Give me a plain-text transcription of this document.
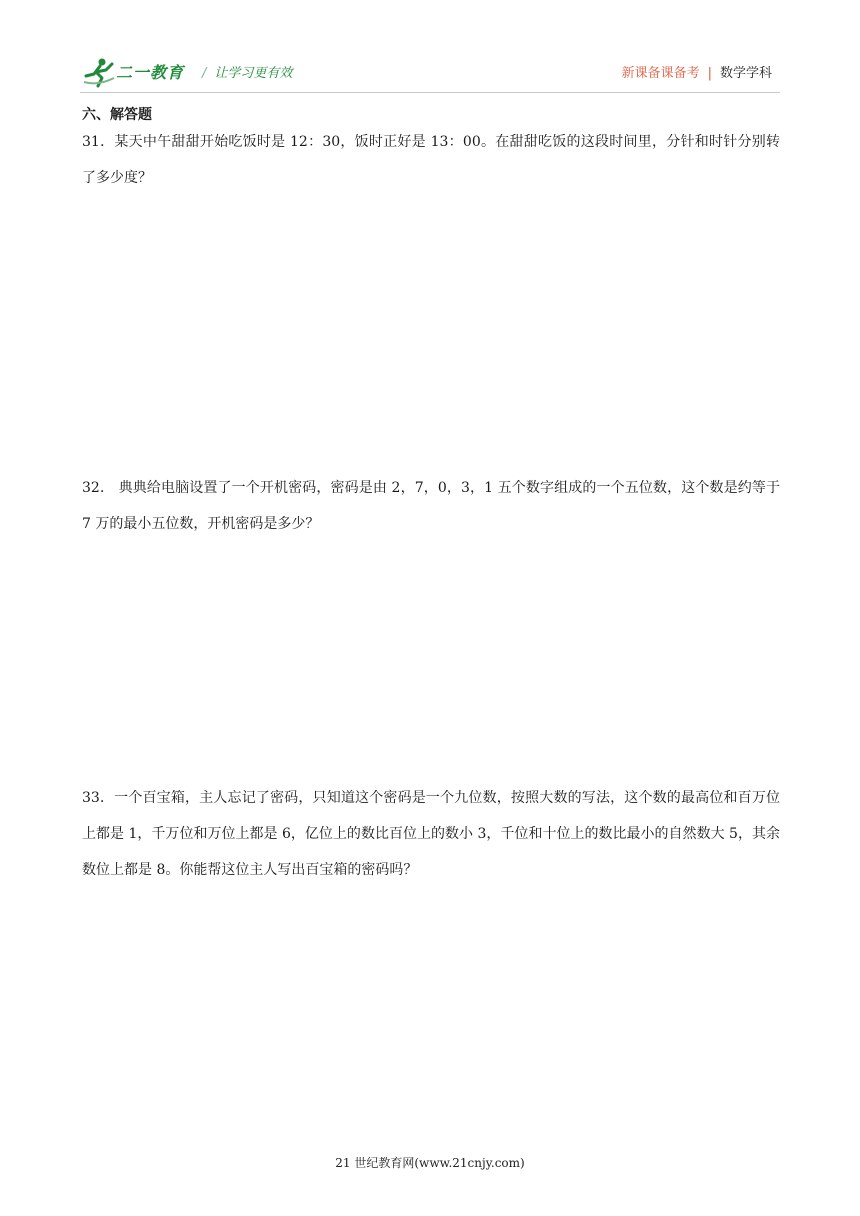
二一教育 / 让学习更有效	新课备课备考 | 数学学科
六、解答题
31．某天中午甜甜开始吃饭时是 12：30，饭时正好是 13：00。在甜甜吃饭的这段时间里，分针和时针分别转了多少度？
32． 典典给电脑设置了一个开机密码，密码是由 2，7，0，3，1 五个数字组成的一个五位数，这个数是约等于 7 万的最小五位数，开机密码是多少？
33．一个百宝箱，主人忘记了密码，只知道这个密码是一个九位数，按照大数的写法，这个数的最高位和百万位上都是 1，千万位和万位上都是 6，亿位上的数比百位上的数小 3，千位和十位上的数比最小的自然数大 5，其余数位上都是 8。你能帮这位主人写出百宝箱的密码吗？
21 世纪教育网(www.21cnjy.com)
